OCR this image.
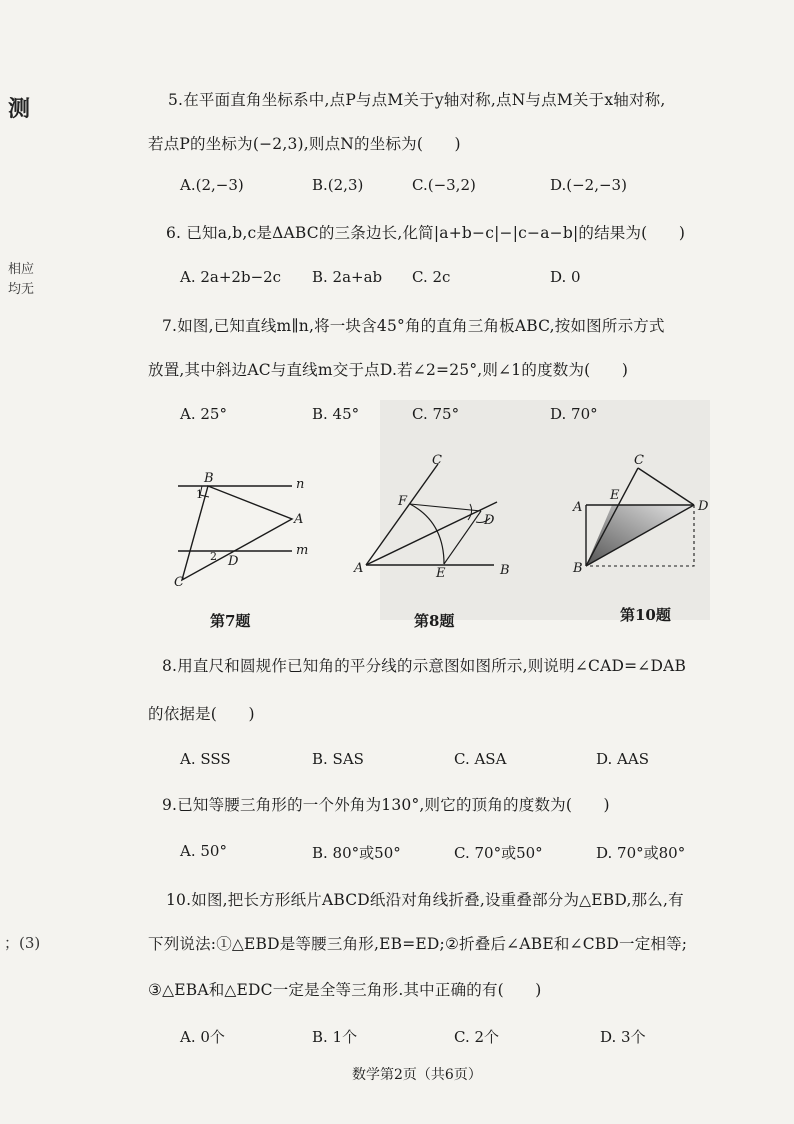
测
相应
均无
；(3)
5.在平面直角坐标系中,点P与点M关于y轴对称,点N与点M关于x轴对称,
若点P的坐标为(−2,3),则点N的坐标为(　　)
A.(2,−3)	B.(2,3)	C.(−3,2)	D.(−2,−3)
6. 已知a,b,c是ΔABC的三条边长,化简|a+b−c|−|c−a−b|的结果为(　　)
A. 2a+2b−2c B. 2a+ab C. 2c	D. 0
7.如图,已知直线m∥n,将一块含45°角的直角三角板ABC,按如图所示方式
放置,其中斜边AC与直线m交于点D.若∠2=25°,则∠1的度数为(　　)
A. 25°	B. 45°	C. 75°	D. 70°
B	n
A
m
D
C
1
2
第7题
C
F
D
A	E	B
第8题
C
E
A	D
B
第10题
8.用直尺和圆规作已知角的平分线的示意图如图所示,则说明∠CAD=∠DAB
的依据是(　　)
A. SSS	B. SAS	C. ASA	D. AAS
9.已知等腰三角形的一个外角为130°,则它的顶角的度数为(　　)
A. 50°	B. 80°或50°	C. 70°或50°	D. 70°或80°
10.如图,把长方形纸片ABCD纸沿对角线折叠,设重叠部分为△EBD,那么,有
下列说法:①△EBD是等腰三角形,EB=ED;②折叠后∠ABE和∠CBD一定相等;
③△EBA和△EDC一定是全等三角形.其中正确的有(　　)
A. 0个	B. 1个	C. 2个	D. 3个
数学第2页（共6页）
